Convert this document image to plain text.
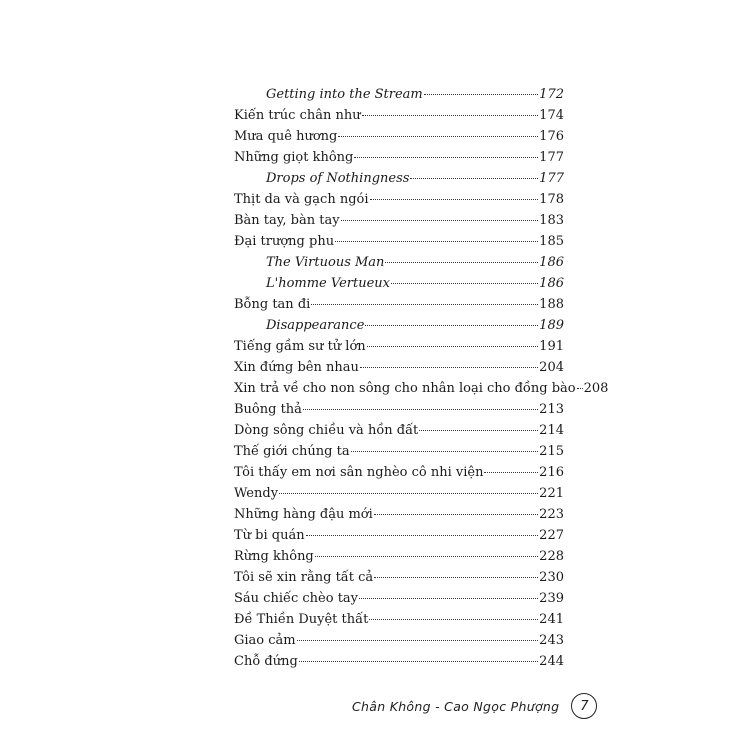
Getting into the Stream	172
Kiến trúc chân như	174
Mưa quê hương	176
Những giọt không	177
Drops of Nothingness	177
Thịt da và gạch ngói	178
Bàn tay, bàn tay	183
Đại trượng phu	185
The Virtuous Man	186
L'homme Vertueux	186
Bỗng tan đi	188
Disappearance	189
Tiếng gầm sư tử lớn	191
Xin đứng bên nhau	204
Xin trả về cho non sông cho nhân loại cho đồng bào 208
Buông thả	213
Dòng sông chiều và hồn đất	214
Thế giới chúng ta	215
Tôi thấy em nơi sân nghèo cô nhi viện	216
Wendy	221
Những hàng đậu mới	223
Từ bi quán	227
Rừng không	228
Tôi sẽ xin rằng tất cả	230
Sáu chiếc chèo tay	239
Đề Thiền Duyệt thất	241
Giao cảm	243
Chỗ đứng	244
Chân Không - Cao Ngọc Phượng	7
